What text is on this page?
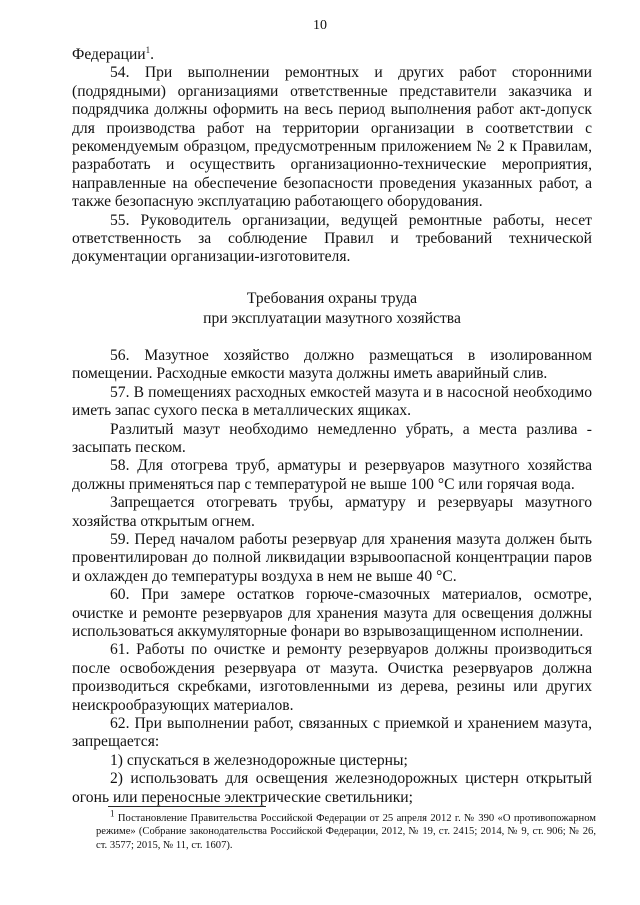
10

Федерации$^1$.

54. При выполнении ремонтных и других работ сторонними (подрядными) организациями ответственные представители заказчика и подрядчика должны оформить на весь период выполнения работ акт-допуск для производства работ на территории организации в соответствии с рекомендуемым образцом, предусмотренным приложением № 2 к Правилам, разработать и осуществить организационно-технические мероприятия, направленные на обеспечение безопасности проведения указанных работ, а также безопасную эксплуатацию работающего оборудования.

55. Руководитель организации, ведущей ремонтные работы, несет ответственность за соблюдение Правил и требований технической документации организации-изготовителя.

Требования охраны труда
при эксплуатации мазутного хозяйства

56. Мазутное хозяйство должно размещаться в изолированном помещении. Расходные емкости мазута должны иметь аварийный слив.

57. В помещениях расходных емкостей мазута и в насосной необходимо иметь запас сухого песка в металлических ящиках.

Разлитый мазут необходимо немедленно убрать, а места разлива - засыпать песком.

58. Для отогрева труб, арматуры и резервуаров мазутного хозяйства должны применяться пар с температурой не выше 100 °С или горячая вода.

Запрещается отогревать трубы, арматуру и резервуары мазутного хозяйства открытым огнем.

59. Перед началом работы резервуар для хранения мазута должен быть провентилирован до полной ликвидации взрывоопасной концентрации паров и охлажден до температуры воздуха в нем не выше 40 °С.

60. При замере остатков горюче-смазочных материалов, осмотре, очистке и ремонте резервуаров для хранения мазута для освещения должны использоваться аккумуляторные фонари во взрывозащищенном исполнении.

61. Работы по очистке и ремонту резервуаров должны производиться после освобождения резервуара от мазута. Очистка резервуаров должна производиться скребками, изготовленными из дерева, резины или других неискрообразующих материалов.

62. При выполнении работ, связанных с приемкой и хранением мазута, запрещается:

1) спускаться в железнодорожные цистерны;

2) использовать для освещения железнодорожных цистерн открытый огонь или переносные электрические светильники;

$^1$ Постановление Правительства Российской Федерации от 25 апреля 2012 г. № 390 «О противопожарном режиме» (Собрание законодательства Российской Федерации, 2012, № 19, ст. 2415; 2014, № 9, ст. 906; № 26, ст. 3577; 2015, № 11, ст. 1607).
